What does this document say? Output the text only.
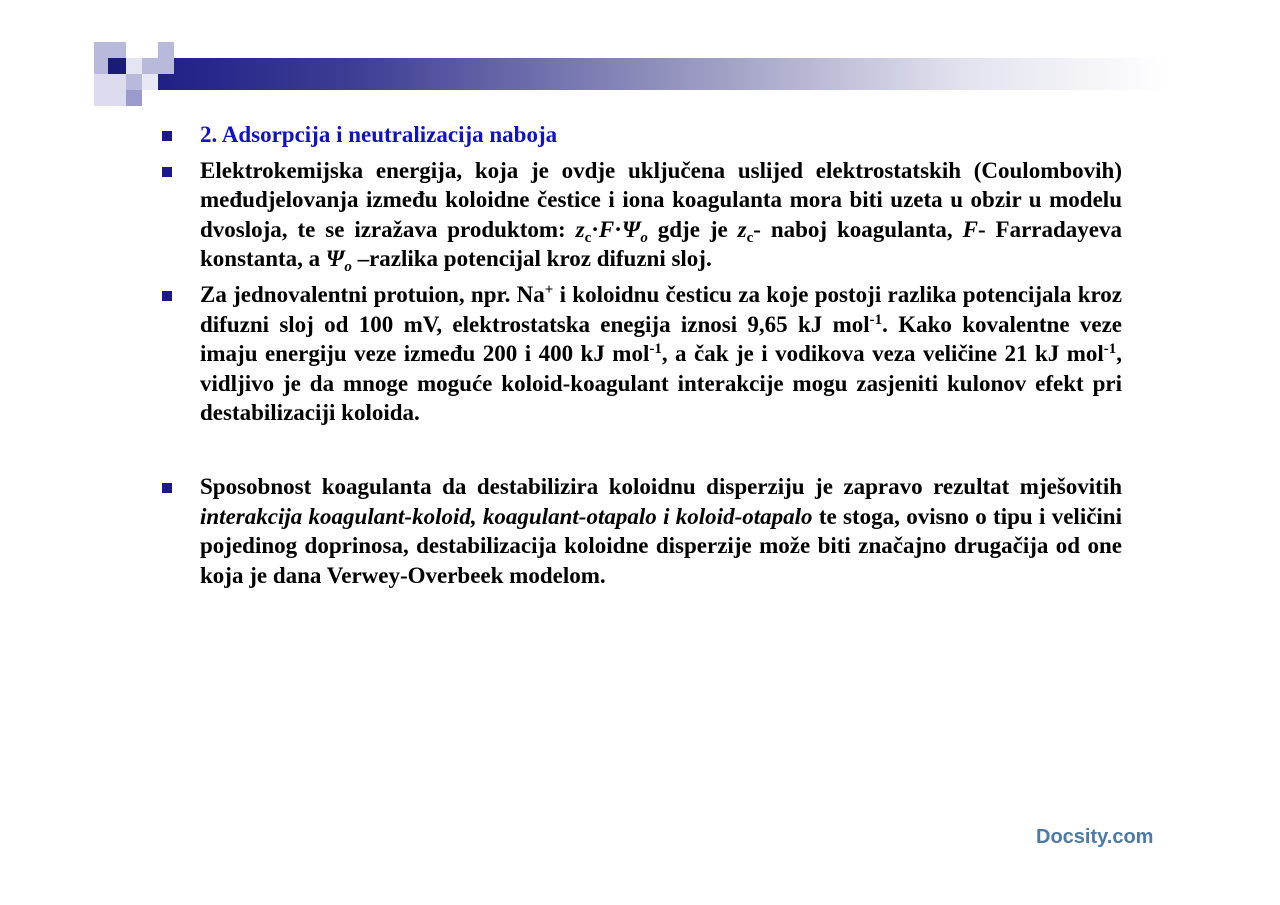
2. Adsorpcija i neutralizacija naboja
Elektrokemijska energija, koja je ovdje uključena uslijed elektrostatskih (Coulombovih) međudjelovanja između koloidne čestice i iona koagulanta mora biti uzeta u obzir u modelu dvosloja, te se izražava produktom: $z_c\cdot F\cdot\Psi_o$ gdje je $z_c-$ naboj koagulanta, F- Farradayeva konstanta, a $\Psi_o$ –razlika potencijal kroz difuzni sloj.
Za jednovalentni protuion, npr. Na+ i koloidnu česticu za koje postoji razlika potencijala kroz difuzni sloj od 100 mV, elektrostatska enegija iznosi 9,65 kJ mol$^{-1}$. Kako kovalentne veze imaju energiju veze između 200 i 400 kJ mol$^{-1}$, a čak je i vodikova veza veličine 21 kJ mol$^{-1}$, vidljivo je da mnoge moguće koloid-koagulant interakcije mogu zasjeniti kulonov efekt pri destabilizaciji koloida.
Sposobnost koagulanta da destabilizira koloidnu disperziju je zapravo rezultat mješovitih interakcija koagulant-koloid, koagulant-otapalo i koloid-otapalo te stoga, ovisno o tipu i veličini pojedinog doprinosa, destabilizacija koloidne disperzije može biti značajno drugačija od one koja je dana Verwey-Overbeek modelom.
Docsity.com
